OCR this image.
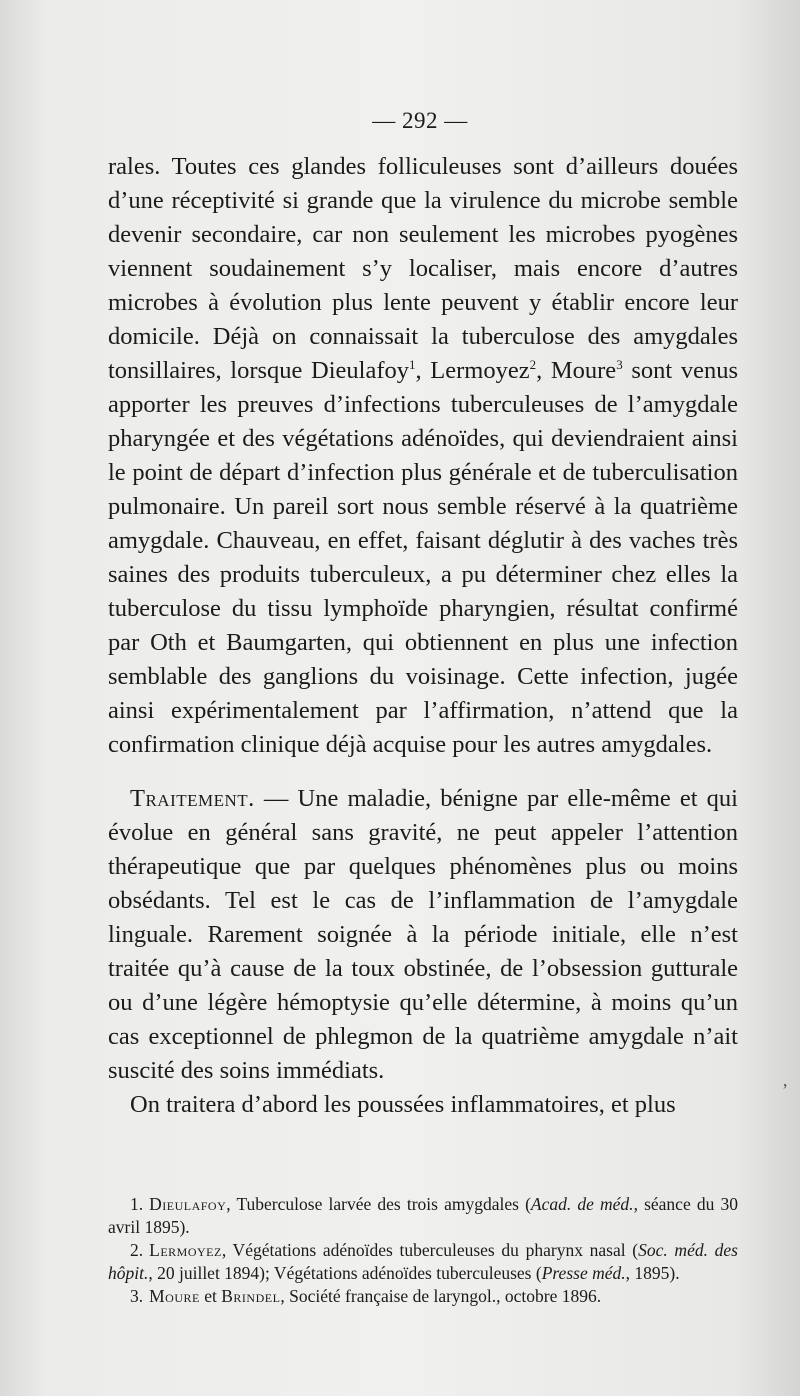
— 292 —

rales. Toutes ces glandes folliculeuses sont d’ailleurs douées d’une réceptivité si grande que la virulence du microbe semble devenir secondaire, car non seulement les microbes pyogènes viennent soudainement s’y localiser, mais encore d’autres microbes à évolution plus lente peuvent y établir encore leur domicile. Déjà on connaissait la tuberculose des amygdales tonsillaires, lorsque Dieulafoy$^1$, Lermoyez$^2$, Moure$^3$ sont venus apporter les preuves d’infections tuberculeuses de l’amygdale pharyngée et des végétations adénoïdes, qui deviendraient ainsi le point de départ d’infection plus générale et de tuberculisation pulmonaire. Un pareil sort nous semble réservé à la quatrième amygdale. Chauveau, en effet, faisant déglutir à des vaches très saines des produits tuberculeux, a pu déterminer chez elles la tuberculose du tissu lymphoïde pharyngien, résultat confirmé par Oth et Baumgarten, qui obtiennent en plus une infection semblable des ganglions du voisinage. Cette infection, jugée ainsi expérimentalement par l’affirmation, n’attend que la confirmation clinique déjà acquise pour les autres amygdales.

Traitement. — Une maladie, bénigne par elle-même et qui évolue en général sans gravité, ne peut appeler l’attention thérapeutique que par quelques phénomènes plus ou moins obsédants. Tel est le cas de l’inflammation de l’amygdale linguale. Rarement soignée à la période initiale, elle n’est traitée qu’à cause de la toux obstinée, de l’obsession gutturale ou d’une légère hémoptysie qu’elle détermine, à moins qu’un cas exceptionnel de phlegmon de la quatrième amygdale n’ait suscité des soins immédiats.

On traitera d’abord les poussées inflammatoires, et plus

1. Dieulafoy, Tuberculose larvée des trois amygdales (Acad. de méd., séance du 30 avril 1895).

2. Lermoyez, Végétations adénoïdes tuberculeuses du pharynx nasal (Soc. méd. des hôpit., 20 juillet 1894); Végétations adénoïdes tuberculeuses (Presse méd., 1895).

3. Moure et Brindel, Société française de laryngol., octobre 1896.

’
